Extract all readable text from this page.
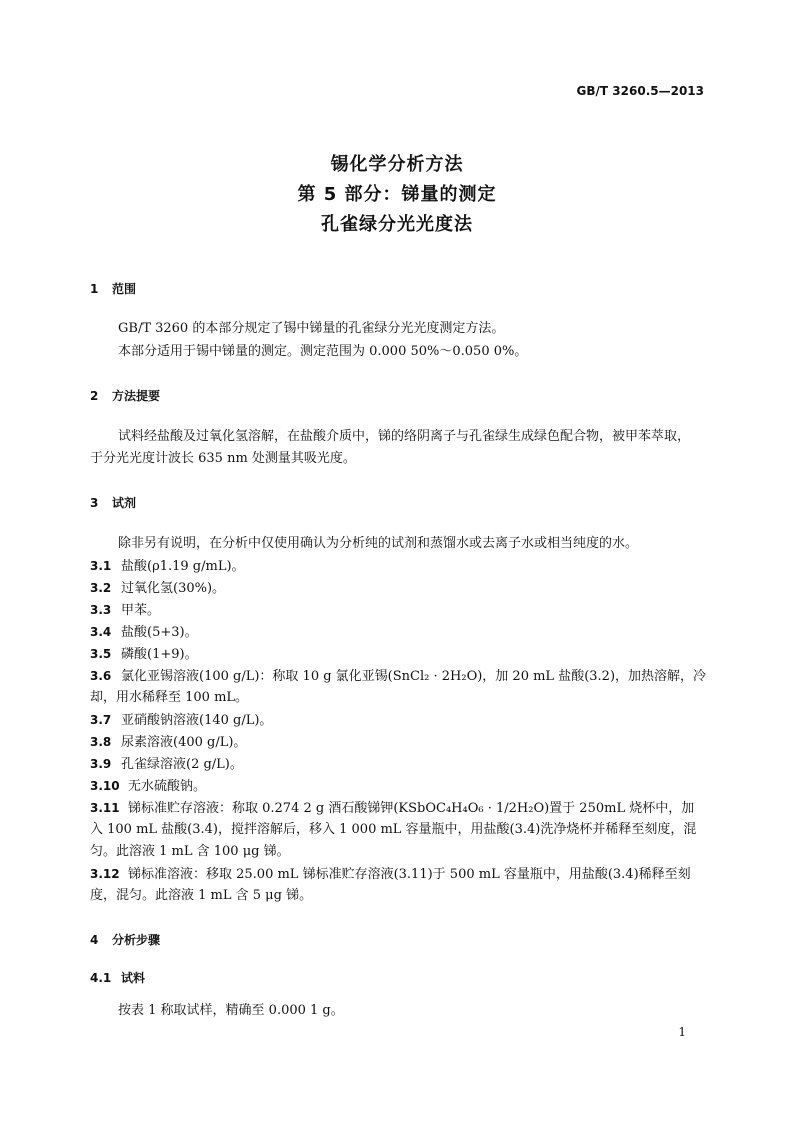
GB/T 3260.5—2013
锡化学分析方法
第 5 部分：锑量的测定
孔雀绿分光光度法
1 范围
GB/T 3260 的本部分规定了锡中锑量的孔雀绿分光光度测定方法。
本部分适用于锡中锑量的测定。测定范围为 0.000 50%～0.050 0%。
2 方法提要
试料经盐酸及过氧化氢溶解，在盐酸介质中，锑的络阴离子与孔雀绿生成绿色配合物，被甲苯萃取，
于分光光度计波长 635 nm 处测量其吸光度。
3 试剂
除非另有说明，在分析中仅使用确认为分析纯的试剂和蒸馏水或去离子水或相当纯度的水。
3.1 盐酸(ρ1.19 g/mL)。
3.2 过氧化氢(30%)。
3.3 甲苯。
3.4 盐酸(5+3)。
3.5 磷酸(1+9)。
3.6 氯化亚锡溶液(100 g/L)：称取 10 g 氯化亚锡(SnCl₂ · 2H₂O)，加 20 mL 盐酸(3.2)，加热溶解，冷
却，用水稀释至 100 mL。
3.7 亚硝酸钠溶液(140 g/L)。
3.8 尿素溶液(400 g/L)。
3.9 孔雀绿溶液(2 g/L)。
3.10 无水硫酸钠。
3.11 锑标准贮存溶液：称取 0.274 2 g 酒石酸锑钾(KSbOC₄H₄O₆ · 1/2H₂O)置于 250mL 烧杯中，加
入 100 mL 盐酸(3.4)，搅拌溶解后，移入 1 000 mL 容量瓶中，用盐酸(3.4)洗净烧杯并稀释至刻度，混
匀。此溶液 1 mL 含 100 μg 锑。
3.12 锑标准溶液：移取 25.00 mL 锑标准贮存溶液(3.11)于 500 mL 容量瓶中，用盐酸(3.4)稀释至刻
度，混匀。此溶液 1 mL 含 5 μg 锑。
4 分析步骤
4.1 试料
按表 1 称取试样，精确至 0.000 1 g。
1
